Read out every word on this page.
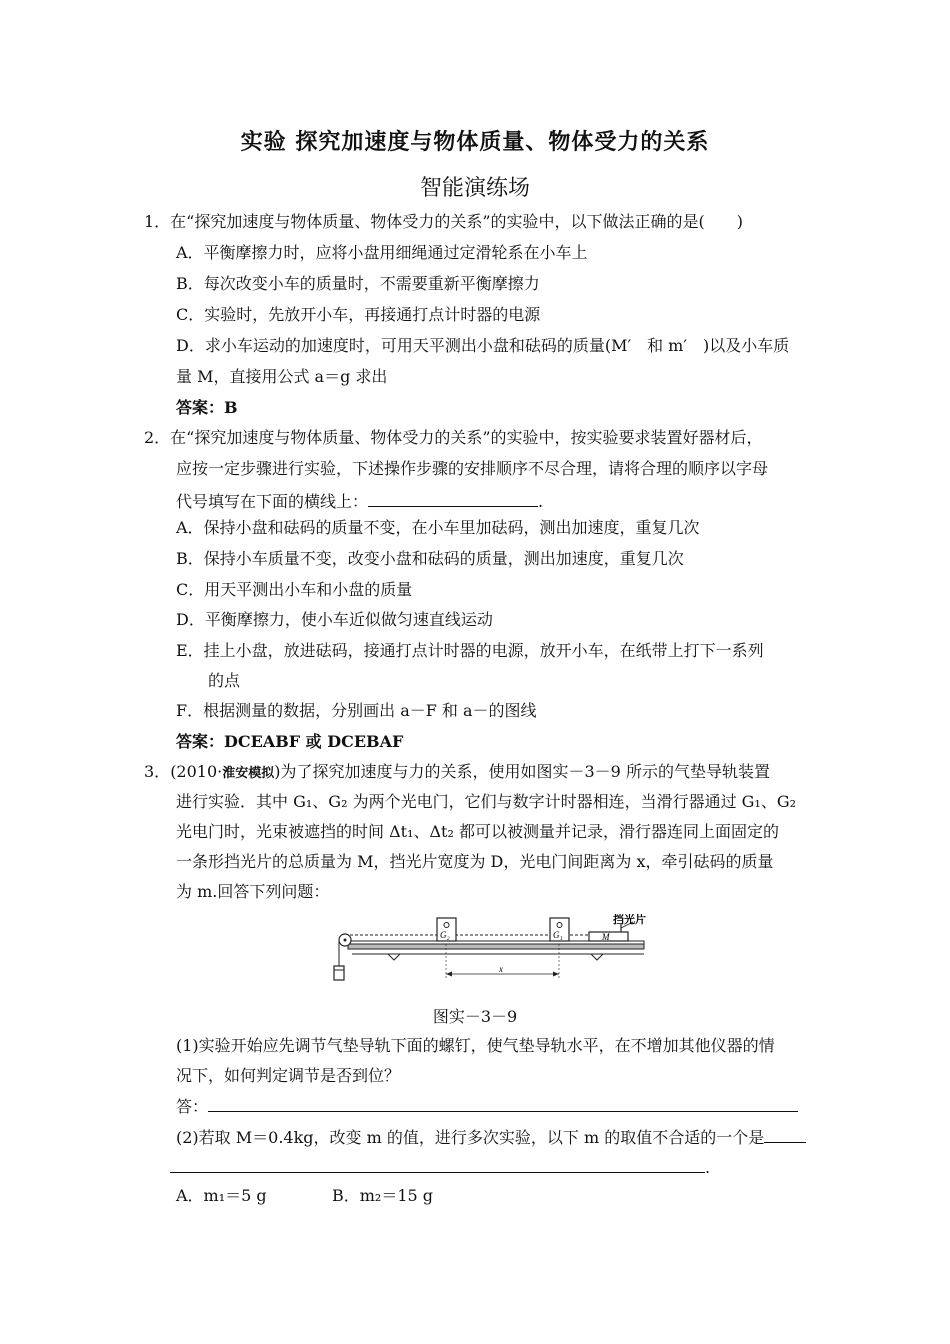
实验 探究加速度与物体质量、物体受力的关系
智能演练场
1．在“探究加速度与物体质量、物体受力的关系”的实验中，以下做法正确的是(　　)
A．平衡摩擦力时，应将小盘用细绳通过定滑轮系在小车上
B．每次改变小车的质量时，不需要重新平衡摩擦力
C．实验时，先放开小车，再接通打点计时器的电源
D．求小车运动的加速度时，可用天平测出小盘和砝码的质量(M′　和 m′　)以及小车质
量 M，直接用公式 a＝g 求出
答案：B
2．在“探究加速度与物体质量、物体受力的关系”的实验中，按实验要求装置好器材后，
应按一定步骤进行实验，下述操作步骤的安排顺序不尽合理，请将合理的顺序以字母
代号填写在下面的横线上：	.
A．保持小盘和砝码的质量不变，在小车里加砝码，测出加速度，重复几次
B．保持小车质量不变，改变小盘和砝码的质量，测出加速度，重复几次
C．用天平测出小车和小盘的质量
D．平衡摩擦力，使小车近似做匀速直线运动
E．挂上小盘，放进砝码，接通打点计时器的电源，放开小车，在纸带上打下一系列
的点
F．根据测量的数据，分别画出 a－F 和 a－的图线
答案：DCEABF 或 DCEBAF
3．(2010·淮安模拟)为了探究加速度与力的关系，使用如图实－3－9 所示的气垫导轨装置
进行实验．其中 G₁、G₂ 为两个光电门，它们与数字计时器相连，当滑行器通过 G₁、G₂
光电门时，光束被遮挡的时间 Δt₁、Δt₂ 都可以被测量并记录，滑行器连同上面固定的
一条形挡光片的总质量为 M，挡光片宽度为 D，光电门间距离为 x，牵引砝码的质量
为 m.回答下列问题：
G₂	G₁	M
挡光片
x
图实－3－9
(1)实验开始应先调节气垫导轨下面的螺钉，使气垫导轨水平，在不增加其他仪器的情
况下，如何判定调节是否到位？
答：
(2)若取 M＝0.4kg，改变 m 的值，进行多次实验，以下 m 的取值不合适的一个是
.
A．m₁＝5 g	B．m₂＝15 g
